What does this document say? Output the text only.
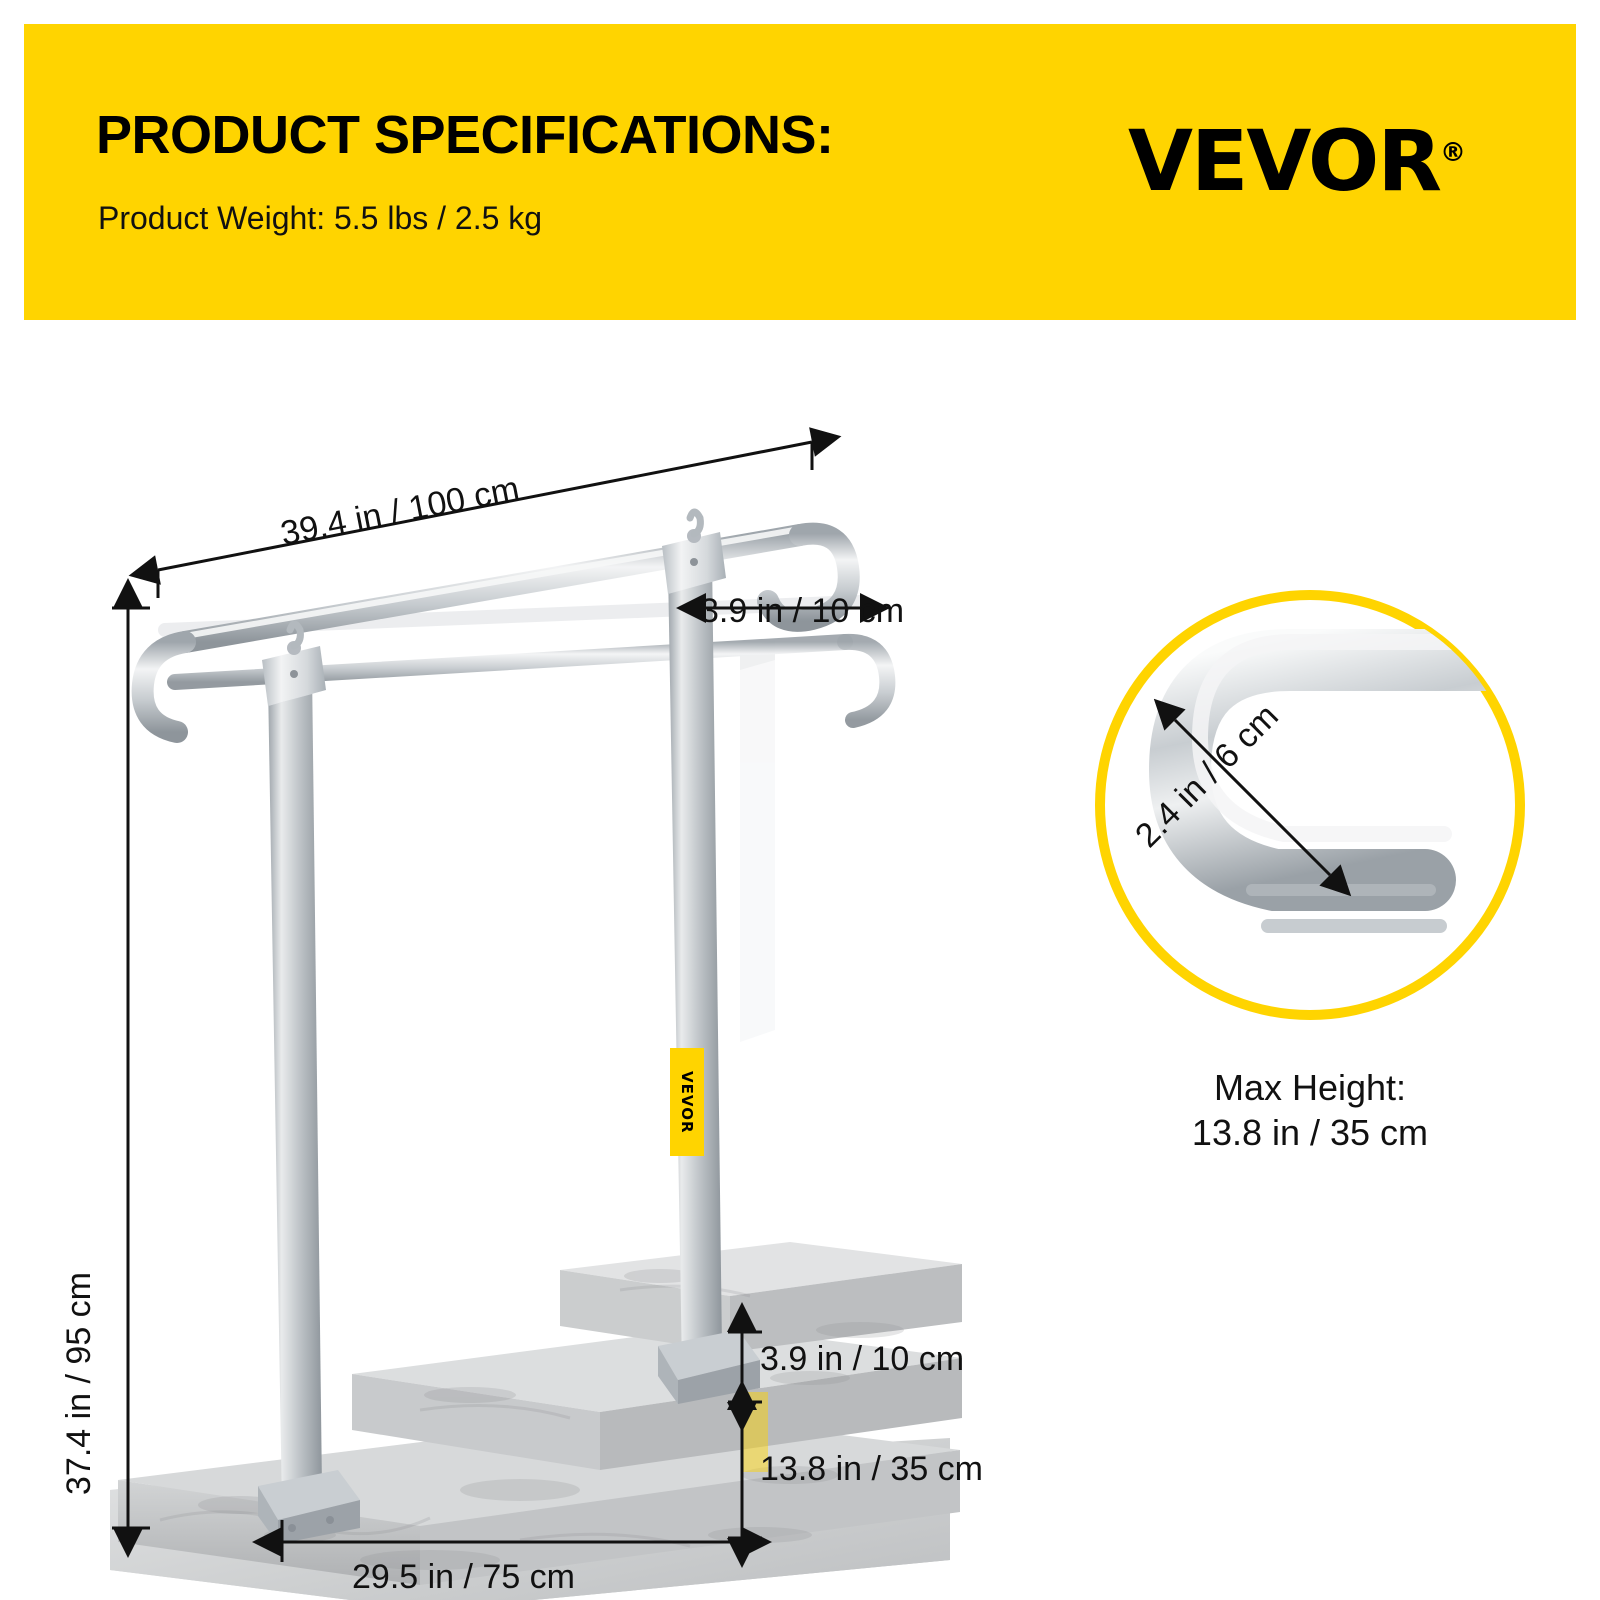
PRODUCT SPECIFICATIONS:
Product Weight: 5.5 lbs / 2.5 kg
VEVOR®
39.4 in / 100 cm
3.9 in / 10 cm
37.4 in / 95 cm	3.9 in / 10 cm
13.8 in / 35 cm
29.5 in / 75 cm
2.4 in / 6 cm
Max Height:
13.8 in / 35 cm
VEVOR
